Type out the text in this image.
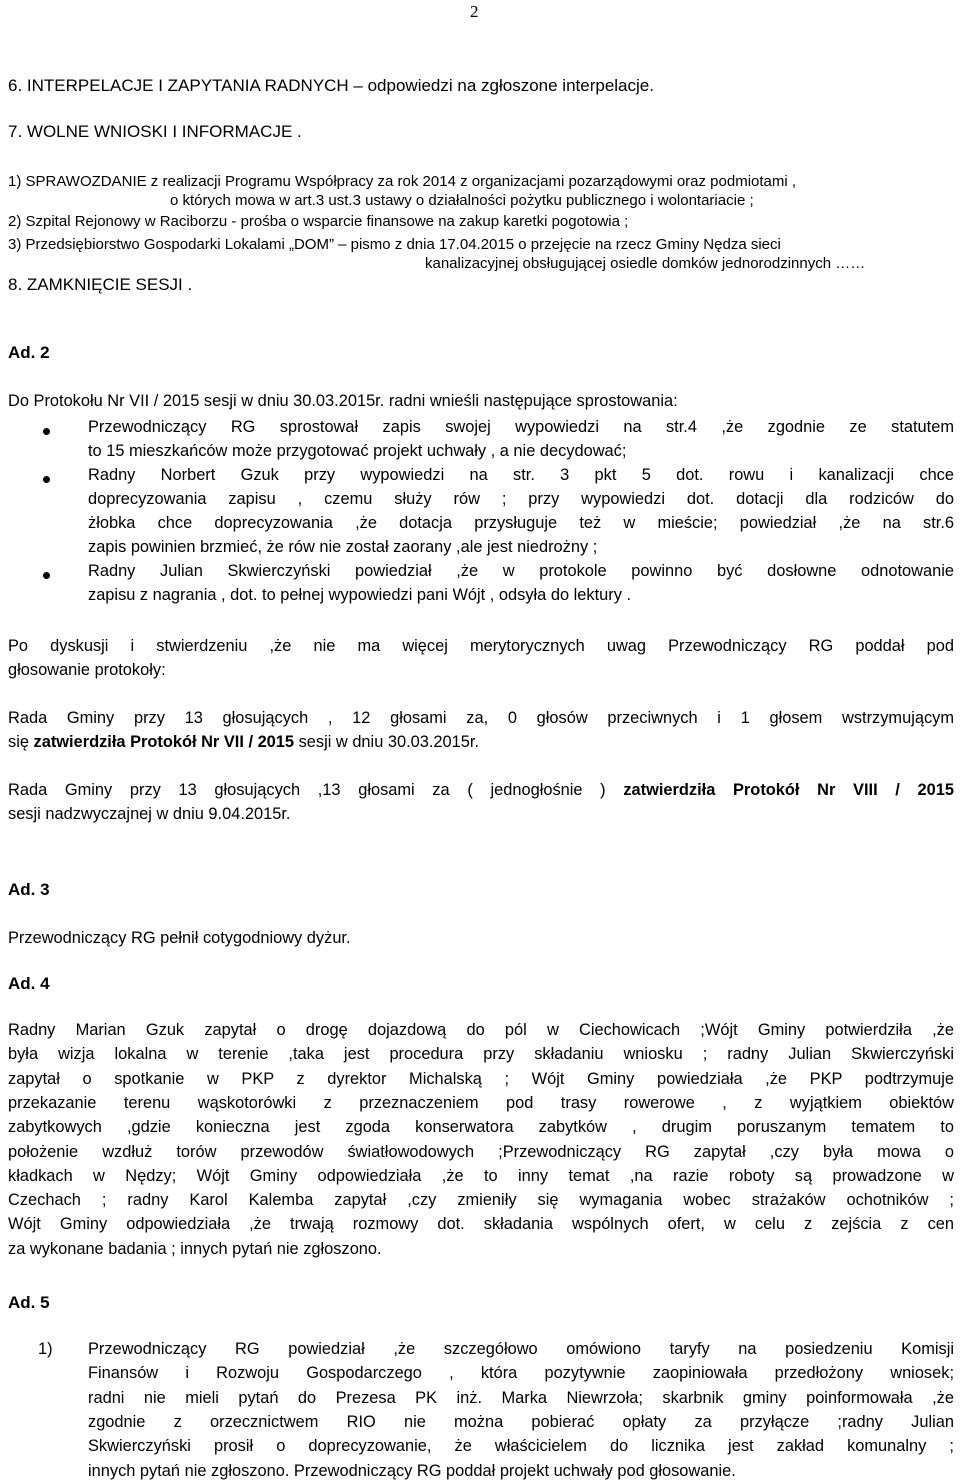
2

6. INTERPELACJE I ZAPYTANIA RADNYCH – odpowiedzi na zgłoszone interpelacje.

7. WOLNE WNIOSKI I INFORMACJE .

1) SPRAWOZDANIE z realizacji Programu Współpracy za rok 2014 z organizacjami pozarządowymi oraz podmiotami ,

o których mowa w art.3 ust.3 ustawy o działalności pożytku publicznego i wolontariacie ;

2) Szpital Rejonowy w Raciborzu - prośba o wsparcie finansowe na zakup karetki pogotowia ;

3) Przedsiębiorstwo Gospodarki Lokalami „DOM” – pismo z dnia 17.04.2015 o przejęcie na rzecz Gminy Nędza sieci

kanalizacyjnej obsługującej osiedle domków jednorodzinnych ……

8. ZAMKNIĘCIE SESJI .

Ad. 2

Do Protokołu Nr VII / 2015 sesji w dniu 30.03.2015r. radni wnieśli następujące sprostowania:

Przewodniczący RG sprostował zapis swojej wypowiedzi na str.4 ,że zgodnie ze statutem

to 15 mieszkańców może przygotować projekt uchwały , a nie decydować;

Radny Norbert Gzuk przy wypowiedzi na str. 3 pkt 5 dot. rowu i kanalizacji chce

doprecyzowania zapisu , czemu służy rów ; przy wypowiedzi dot. dotacji dla rodziców do

żłobka chce doprecyzowania ,że dotacja przysługuje też w mieście; powiedział ,że na str.6

zapis powinien brzmieć, że rów nie został zaorany ,ale jest niedrożny ;

Radny Julian Skwierczyński powiedział ,że w protokole powinno być dosłowne odnotowanie

zapisu z nagrania , dot. to pełnej wypowiedzi pani Wójt , odsyła do lektury .

Po dyskusji i stwierdzeniu ,że nie ma więcej merytorycznych uwag Przewodniczący RG poddał pod

głosowanie protokoły:

Rada Gminy przy 13 głosujących , 12 głosami za, 0 głosów przeciwnych i 1 głosem wstrzymującym

się zatwierdziła Protokół Nr VII / 2015 sesji w dniu 30.03.2015r.

Rada Gminy przy 13 głosujących ,13 głosami za ( jednogłośnie ) zatwierdziła Protokół Nr VIII / 2015

sesji nadzwyczajnej w dniu 9.04.2015r.

Ad. 3

Przewodniczący RG pełnił cotygodniowy dyżur.

Ad. 4

Radny Marian Gzuk zapytał o drogę dojazdową do pól w Ciechowicach ;Wójt Gminy potwierdziła ,że

była wizja lokalna w terenie ,taka jest procedura przy składaniu wniosku ; radny Julian Skwierczyński

zapytał o spotkanie w PKP z dyrektor Michalską ; Wójt Gminy powiedziała ,że PKP podtrzymuje

przekazanie terenu wąskotorówki z przeznaczeniem pod trasy rowerowe , z wyjątkiem obiektów

zabytkowych ,gdzie konieczna jest zgoda konserwatora zabytków , drugim poruszanym tematem to

położenie wzdłuż torów przewodów światłowodowych ;Przewodniczący RG zapytał ,czy była mowa o

kładkach w Nędzy; Wójt Gminy odpowiedziała ,że to inny temat ,na razie roboty są prowadzone w

Czechach ; radny Karol Kalemba zapytał ,czy zmieniły się wymagania wobec strażaków ochotników ;

Wójt Gminy odpowiedziała ,że trwają rozmowy dot. składania wspólnych ofert, w celu z zejścia z cen

za wykonane badania ; innych pytań nie zgłoszono.

Ad. 5

1) Przewodniczący RG powiedział ,że szczegółowo omówiono taryfy na posiedzeniu Komisji

Finansów i Rozwoju Gospodarczego , która pozytywnie zaopiniowała przedłożony wniosek;

radni nie mieli pytań do Prezesa PK inż. Marka Niewrzoła; skarbnik gminy poinformowała ,że

zgodnie z orzecznictwem RIO nie można pobierać opłaty za przyłącze ;radny Julian

Skwierczyński prosił o doprecyzowanie, że właścicielem do licznika jest zakład komunalny ;

innych pytań nie zgłoszono. Przewodniczący RG poddał projekt uchwały pod głosowanie.
